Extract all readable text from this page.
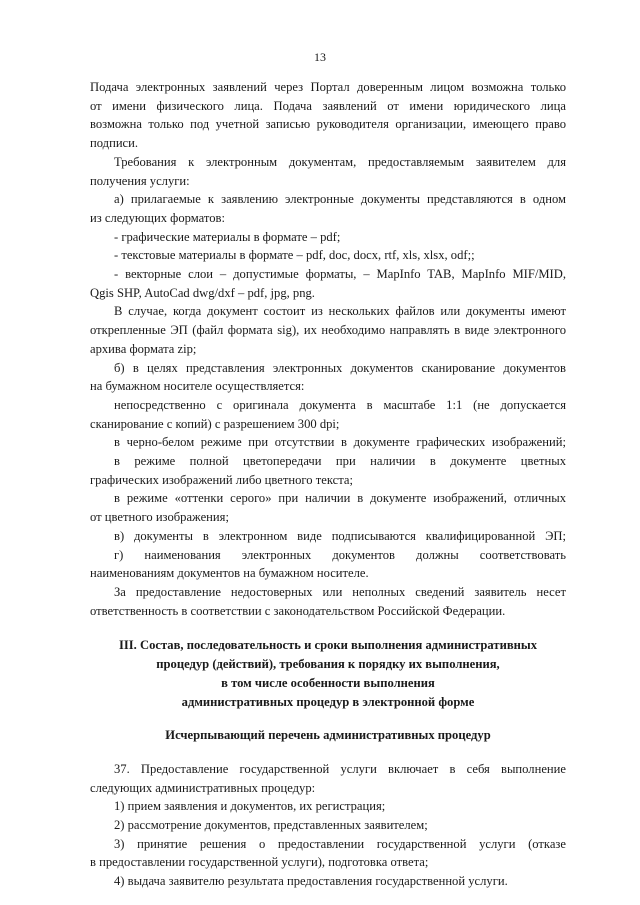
13

Подача электронных заявлений через Портал доверенным лицом возможна только

от имени физического лица. Подача заявлений от имени юридического лица

возможна только под учетной записью руководителя организации, имеющего право

подписи.

Требования к электронным документам, предоставляемым заявителем для

получения услуги:

а) прилагаемые к заявлению электронные документы представляются в одном

из следующих форматов:

- графические материалы в формате – pdf;

- текстовые материалы в формате – pdf, doc, docx, rtf, xls, xlsx, odf;;

- векторные слои – допустимые форматы, – MapInfo TAB, MapInfo MIF/MID,

Qgis SHP, AutoCad dwg/dxf – pdf, jpg, png.

В случае, когда документ состоит из нескольких файлов или документы имеют

открепленные ЭП (файл формата sig), их необходимо направлять в виде электронного

архива формата zip;

б) в целях представления электронных документов сканирование документов

на бумажном носителе осуществляется:

непосредственно с оригинала документа в масштабе 1:1 (не допускается

сканирование с копий) с разрешением 300 dpi;

в черно-белом режиме при отсутствии в документе графических изображений;

в режиме полной цветопередачи при наличии в документе цветных

графических изображений либо цветного текста;

в режиме «оттенки серого» при наличии в документе изображений, отличных

от цветного изображения;

в) документы в электронном виде подписываются квалифицированной ЭП;

г) наименования электронных документов должны соответствовать

наименованиям документов на бумажном носителе.

За предоставление недостоверных или неполных сведений заявитель несет

ответственность в соответствии с законодательством Российской Федерации.

III. Состав, последовательность и сроки выполнения административных

процедур (действий), требования к порядку их выполнения,

в том числе особенности выполнения

административных процедур в электронной форме

Исчерпывающий перечень административных процедур

37. Предоставление государственной услуги включает в себя выполнение

следующих административных процедур:

1) прием заявления и документов, их регистрация;

2) рассмотрение документов, представленных заявителем;

3) принятие решения о предоставлении государственной услуги (отказе

в предоставлении государственной услуги), подготовка ответа;

4) выдача заявителю результата предоставления государственной услуги.
